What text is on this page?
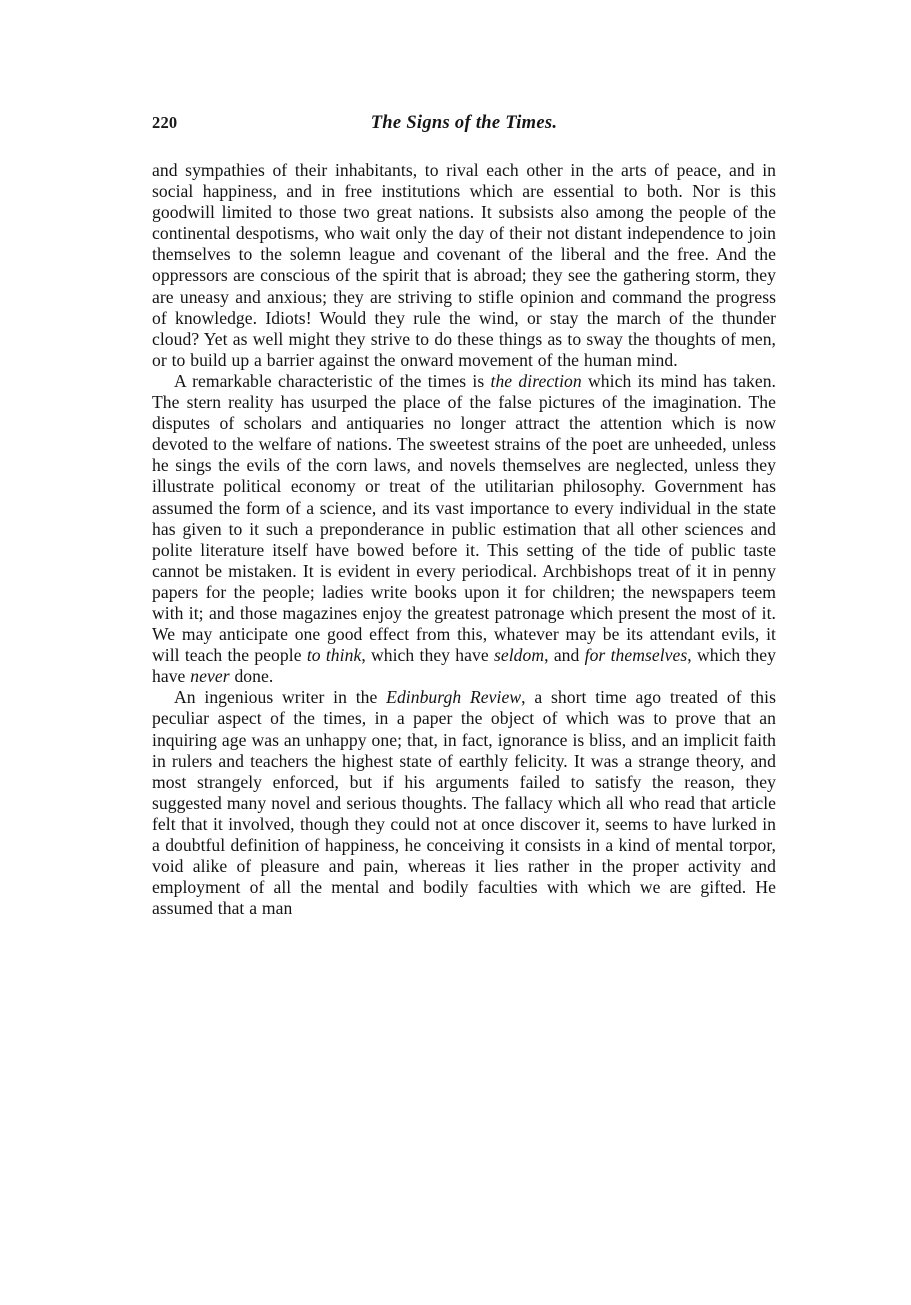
220	The Signs of the Times.

and sympathies of their inhabitants, to rival each other in the arts of peace, and in social happiness, and in free institutions which are essential to both. Nor is this goodwill limited to those two great nations. It subsists also among the people of the continental despotisms, who wait only the day of their not distant independence to join themselves to the solemn league and covenant of the liberal and the free. And the oppressors are conscious of the spirit that is abroad; they see the gathering storm, they are uneasy and anxious; they are striving to stifle opinion and command the progress of knowledge. Idiots! Would they rule the wind, or stay the march of the thunder cloud? Yet as well might they strive to do these things as to sway the thoughts of men, or to build up a barrier against the onward movement of the human mind.

A remarkable characteristic of the times is the direction which its mind has taken. The stern reality has usurped the place of the false pictures of the imagination. The disputes of scholars and antiquaries no longer attract the attention which is now devoted to the welfare of nations. The sweetest strains of the poet are unheeded, unless he sings the evils of the corn laws, and novels themselves are neglected, unless they illustrate political economy or treat of the utilitarian philosophy. Government has assumed the form of a science, and its vast importance to every individual in the state has given to it such a preponderance in public estimation that all other sciences and polite literature itself have bowed before it. This setting of the tide of public taste cannot be mistaken. It is evident in every periodical. Archbishops treat of it in penny papers for the people; ladies write books upon it for children; the newspapers teem with it; and those magazines enjoy the greatest patronage which present the most of it. We may anticipate one good effect from this, whatever may be its attendant evils, it will teach the people to think, which they have seldom, and for themselves, which they have never done.

An ingenious writer in the Edinburgh Review, a short time ago treated of this peculiar aspect of the times, in a paper the object of which was to prove that an inquiring age was an unhappy one; that, in fact, ignorance is bliss, and an implicit faith in rulers and teachers the highest state of earthly felicity. It was a strange theory, and most strangely enforced, but if his arguments failed to satisfy the reason, they suggested many novel and serious thoughts. The fallacy which all who read that article felt that it involved, though they could not at once discover it, seems to have lurked in a doubtful definition of happiness, he conceiving it consists in a kind of mental torpor, void alike of pleasure and pain, whereas it lies rather in the proper activity and employment of all the mental and bodily faculties with which we are gifted. He assumed that a man
